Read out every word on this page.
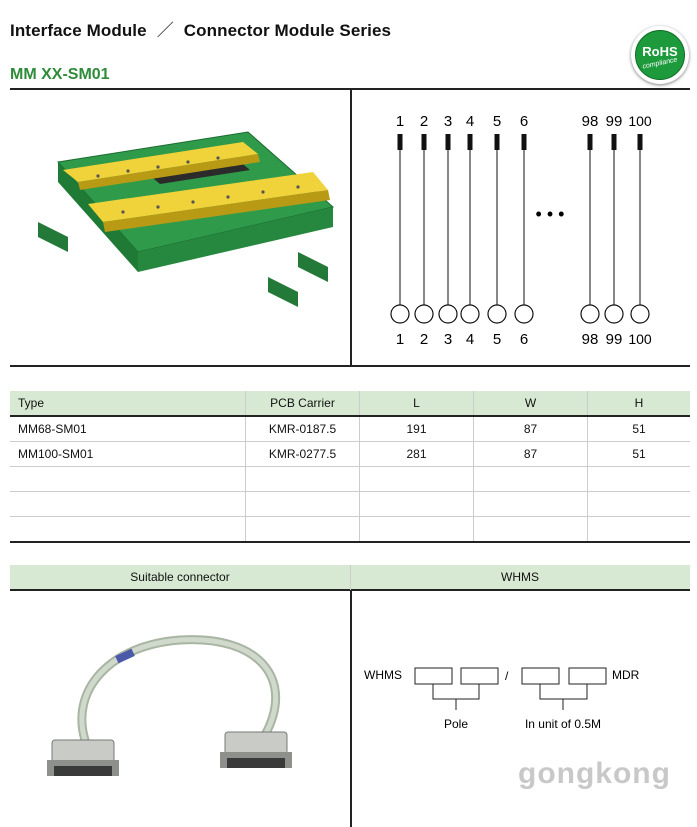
Interface Module ／ Connector Module Series
MM XX-SM01
RoHS
compliance
1
1
2
2
3
3
4
4
5
5
6
6
98
98
99
99
100
100
• • •
Type	PCB Carrier	L	W	H
MM68-SM01	KMR-0187.5	191	87	51
MM100-SM01	KMR-0277.5	281	87	51

Suitable connector	WHMS
WHMS	/	MDR
Pole	In unit of 0.5M
gongkong
